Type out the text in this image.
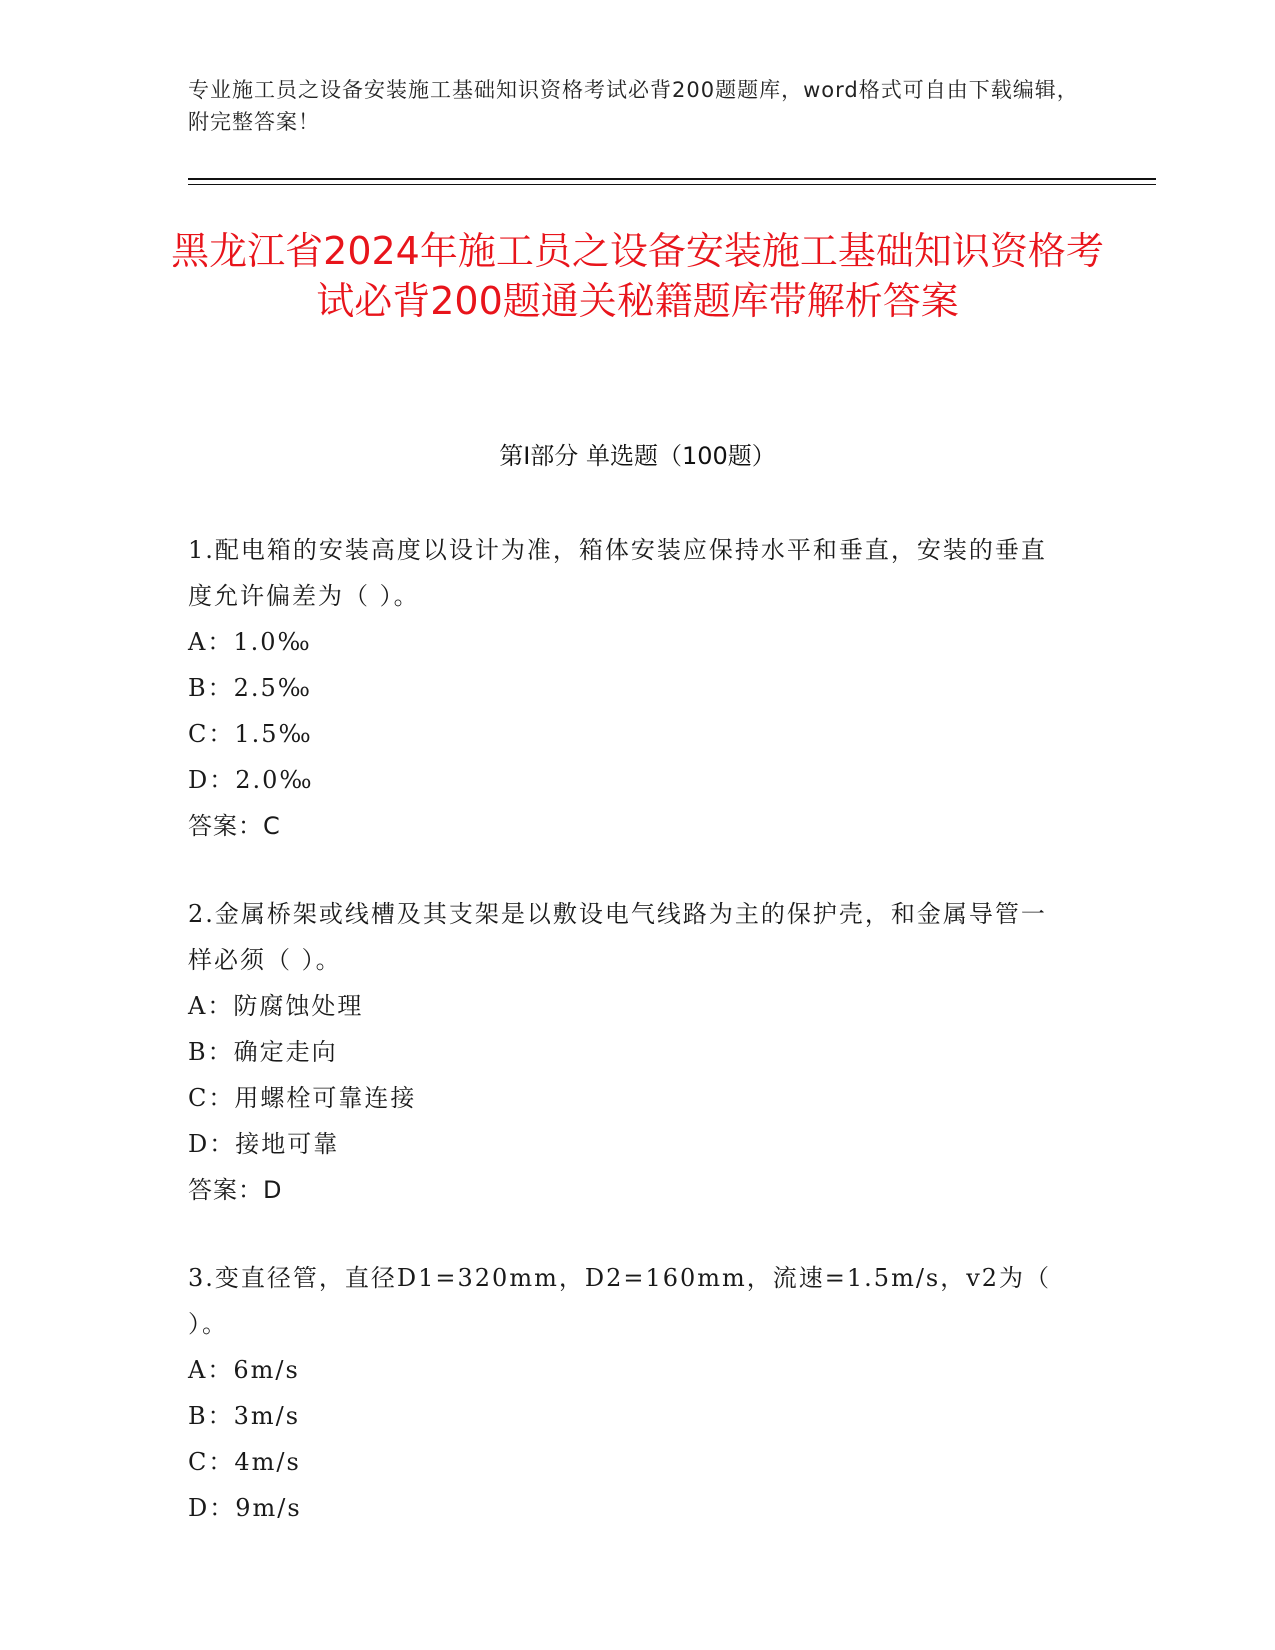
专业施工员之设备安装施工基础知识资格考试必背200题题库，word格式可自由下载编辑，附完整答案！
黑龙江省2024年施工员之设备安装施工基础知识资格考试必背200题通关秘籍题库带解析答案
第I部分 单选题（100题）
1.配电箱的安装高度以设计为准，箱体安装应保持水平和垂直，安装的垂直度允许偏差为（ ）。
A：1.0‰
B：2.5‰
C：1.5‰
D：2.0‰
答案：C
2.金属桥架或线槽及其支架是以敷设电气线路为主的保护壳，和金属导管一样必须（ ）。
A：防腐蚀处理
B：确定走向
C：用螺栓可靠连接
D：接地可靠
答案：D
3.变直径管，直径D1=320mm，D2=160mm，流速=1.5m/s，v2为（ ）。
A：6m/s
B：3m/s
C：4m/s
D：9m/s
